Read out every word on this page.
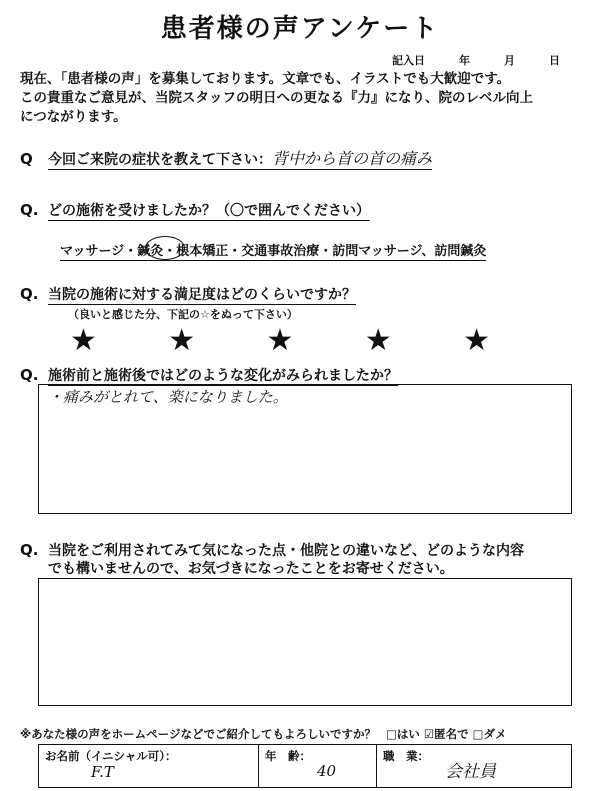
患者様の声アンケート
記入日	年	月	日
現在、「患者様の声」を募集しております。文章でも、イラストでも大歓迎です。
この貴重なご意見が、当院スタッフの明日への更なる『力』になり、院のレベル向上
につながります。
Q	今回ご来院の症状を教えて下さい： 背中から首の首の痛み
Q. どの施術を受けましたか？（〇で囲んでください）
マッサージ・鍼灸・根本矯正・交通事故治療・訪問マッサージ、訪問鍼灸
Q. 当院の施術に対する満足度はどのくらいですか？
（良いと感じた分、下記の☆をぬって下さい）
★ ★ ★ ★ ★
Q. 施術前と施術後ではどのような変化がみられましたか？
・痛みがとれて、楽になりました。
Q. 当院をご利用されてみて気になった点・他院との違いなど、どのような内容
でも構いませんので、お気づきになったことをお寄せください。
※あなた様の声をホームページなどでご紹介してもよろしいですか？ □はい ☑匿名で □ダメ
お名前（イニシャル可）：
F.T
年　齢：
40
職　業：
会社員
